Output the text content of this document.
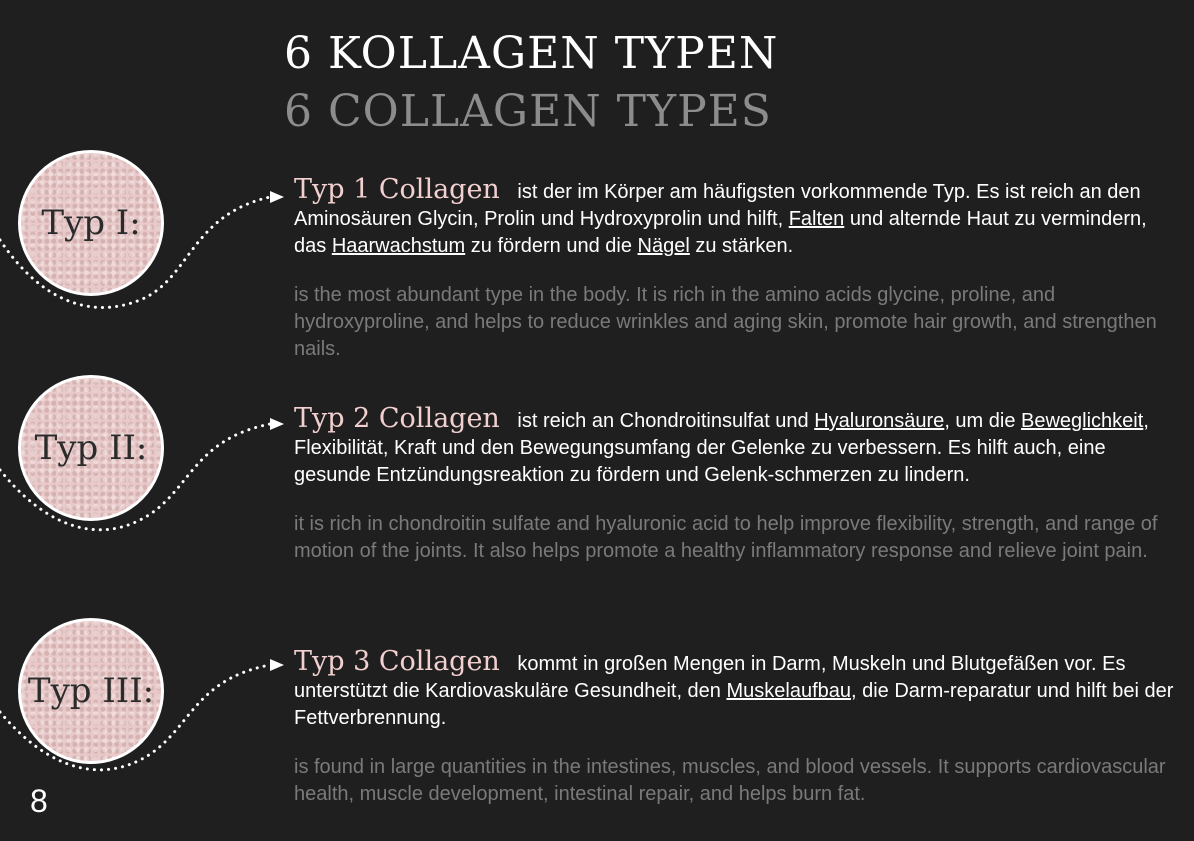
6 KOLLAGEN TYPEN
6 COLLAGEN TYPES
Typ I:
Typ II:
Typ III:

Typ 1 Collagen ist der im Körper am häufigsten vorkommende Typ. Es ist reich an den Aminosäuren Glycin, Prolin und Hydroxyprolin und hilft, Falten und alternde Haut zu vermindern, das Haarwachstum zu fördern und die Nägel zu stärken.

is the most abundant type in the body. It is rich in the amino acids glycine, proline, and hydroxyproline, and helps to reduce wrinkles and aging skin, promote hair growth, and strengthen nails.

Typ 2 Collagen ist reich an Chondroitinsulfat und Hyaluronsäure, um die Beweglichkeit, Flexibilität, Kraft und den Bewegungsumfang der Gelenke zu verbessern. Es hilft auch, eine gesunde Entzündungsreaktion zu fördern und Gelenk-schmerzen zu lindern.

it is rich in chondroitin sulfate and hyaluronic acid to help improve flexibility, strength, and range of motion of the joints. It also helps promote a healthy inflammatory response and relieve joint pain.

Typ 3 Collagen kommt in großen Mengen in Darm, Muskeln und Blutgefäßen vor. Es unterstützt die Kardiovaskuläre Gesundheit, den Muskelaufbau, die Darm-reparatur und hilft bei der Fettverbrennung.

is found in large quantities in the intestines, muscles, and blood vessels. It supports cardiovascular health, muscle development, intestinal repair, and helps burn fat.

8
